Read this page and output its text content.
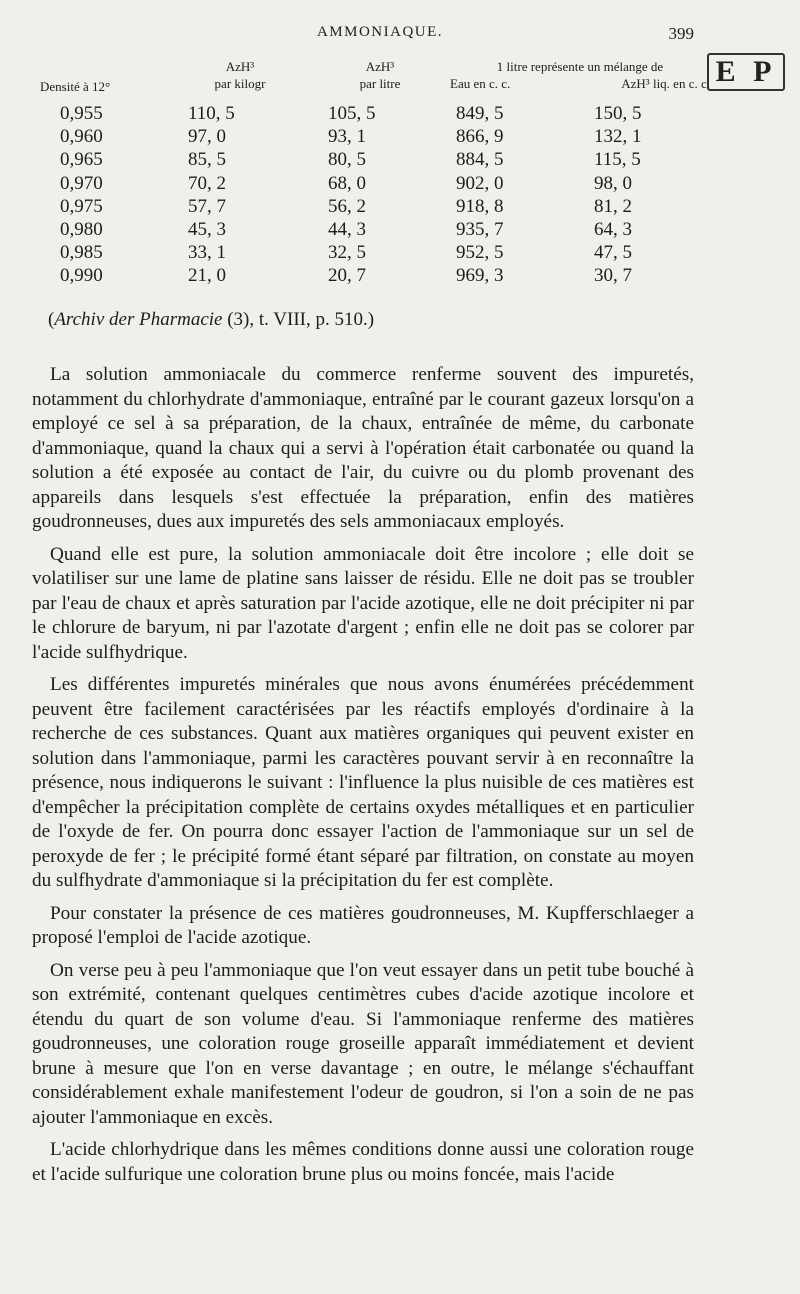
AMMONIAQUE.	399
E P
Densité à 12°
AzH³
par kilogr
AzH³
par litre
1 litre représente un mélange de
Eau en c. c.	AzH³ liq. en c. c.
0,955	110, 5	105, 5	849, 5	150, 5
0,960	97, 0	93, 1	866, 9	132, 1
0,965	85, 5	80, 5	884, 5	115, 5
0,970	70, 2	68, 0	902, 0	98, 0
0,975	57, 7	56, 2	918, 8	81, 2
0,980	45, 3	44, 3	935, 7	64, 3
0,985	33, 1	32, 5	952, 5	47, 5
0,990	21, 0	20, 7	969, 3	30, 7
(Archiv der Pharmacie (3), t. VIII, p. 510.)

La solution ammoniacale du commerce renferme souvent des impuretés, notamment du chlorhydrate d'ammoniaque, entraîné par le courant gazeux lorsqu'on a employé ce sel à sa préparation, de la chaux, entraînée de même, du carbonate d'ammoniaque, quand la chaux qui a servi à l'opération était carbonatée ou quand la solution a été exposée au contact de l'air, du cuivre ou du plomb provenant des appareils dans lesquels s'est effectuée la préparation, enfin des matières goudronneuses, dues aux impuretés des sels ammoniacaux employés.

Quand elle est pure, la solution ammoniacale doit être incolore ; elle doit se volatiliser sur une lame de platine sans laisser de résidu. Elle ne doit pas se troubler par l'eau de chaux et après saturation par l'acide azotique, elle ne doit précipiter ni par le chlorure de baryum, ni par l'azotate d'argent ; enfin elle ne doit pas se colorer par l'acide sulfhydrique.

Les différentes impuretés minérales que nous avons énumérées précédemment peuvent être facilement caractérisées par les réactifs employés d'ordinaire à la recherche de ces substances. Quant aux matières organiques qui peuvent exister en solution dans l'ammoniaque, parmi les caractères pouvant servir à en reconnaître la présence, nous indiquerons le suivant : l'influence la plus nuisible de ces matières est d'empêcher la précipitation complète de certains oxydes métalliques et en particulier de l'oxyde de fer. On pourra donc essayer l'action de l'ammoniaque sur un sel de peroxyde de fer ; le précipité formé étant séparé par filtration, on constate au moyen du sulfhydrate d'ammoniaque si la précipitation du fer est complète.

Pour constater la présence de ces matières goudronneuses, M. Kupfferschlaeger a proposé l'emploi de l'acide azotique.

On verse peu à peu l'ammoniaque que l'on veut essayer dans un petit tube bouché à son extrémité, contenant quelques centimètres cubes d'acide azotique incolore et étendu du quart de son volume d'eau. Si l'ammoniaque renferme des matières goudronneuses, une coloration rouge groseille apparaît immédiatement et devient brune à mesure que l'on en verse davantage ; en outre, le mélange s'échauffant considérablement exhale manifestement l'odeur de goudron, si l'on a soin de ne pas ajouter l'ammoniaque en excès.

L'acide chlorhydrique dans les mêmes conditions donne aussi une coloration rouge et l'acide sulfurique une coloration brune plus ou moins foncée, mais l'acide
